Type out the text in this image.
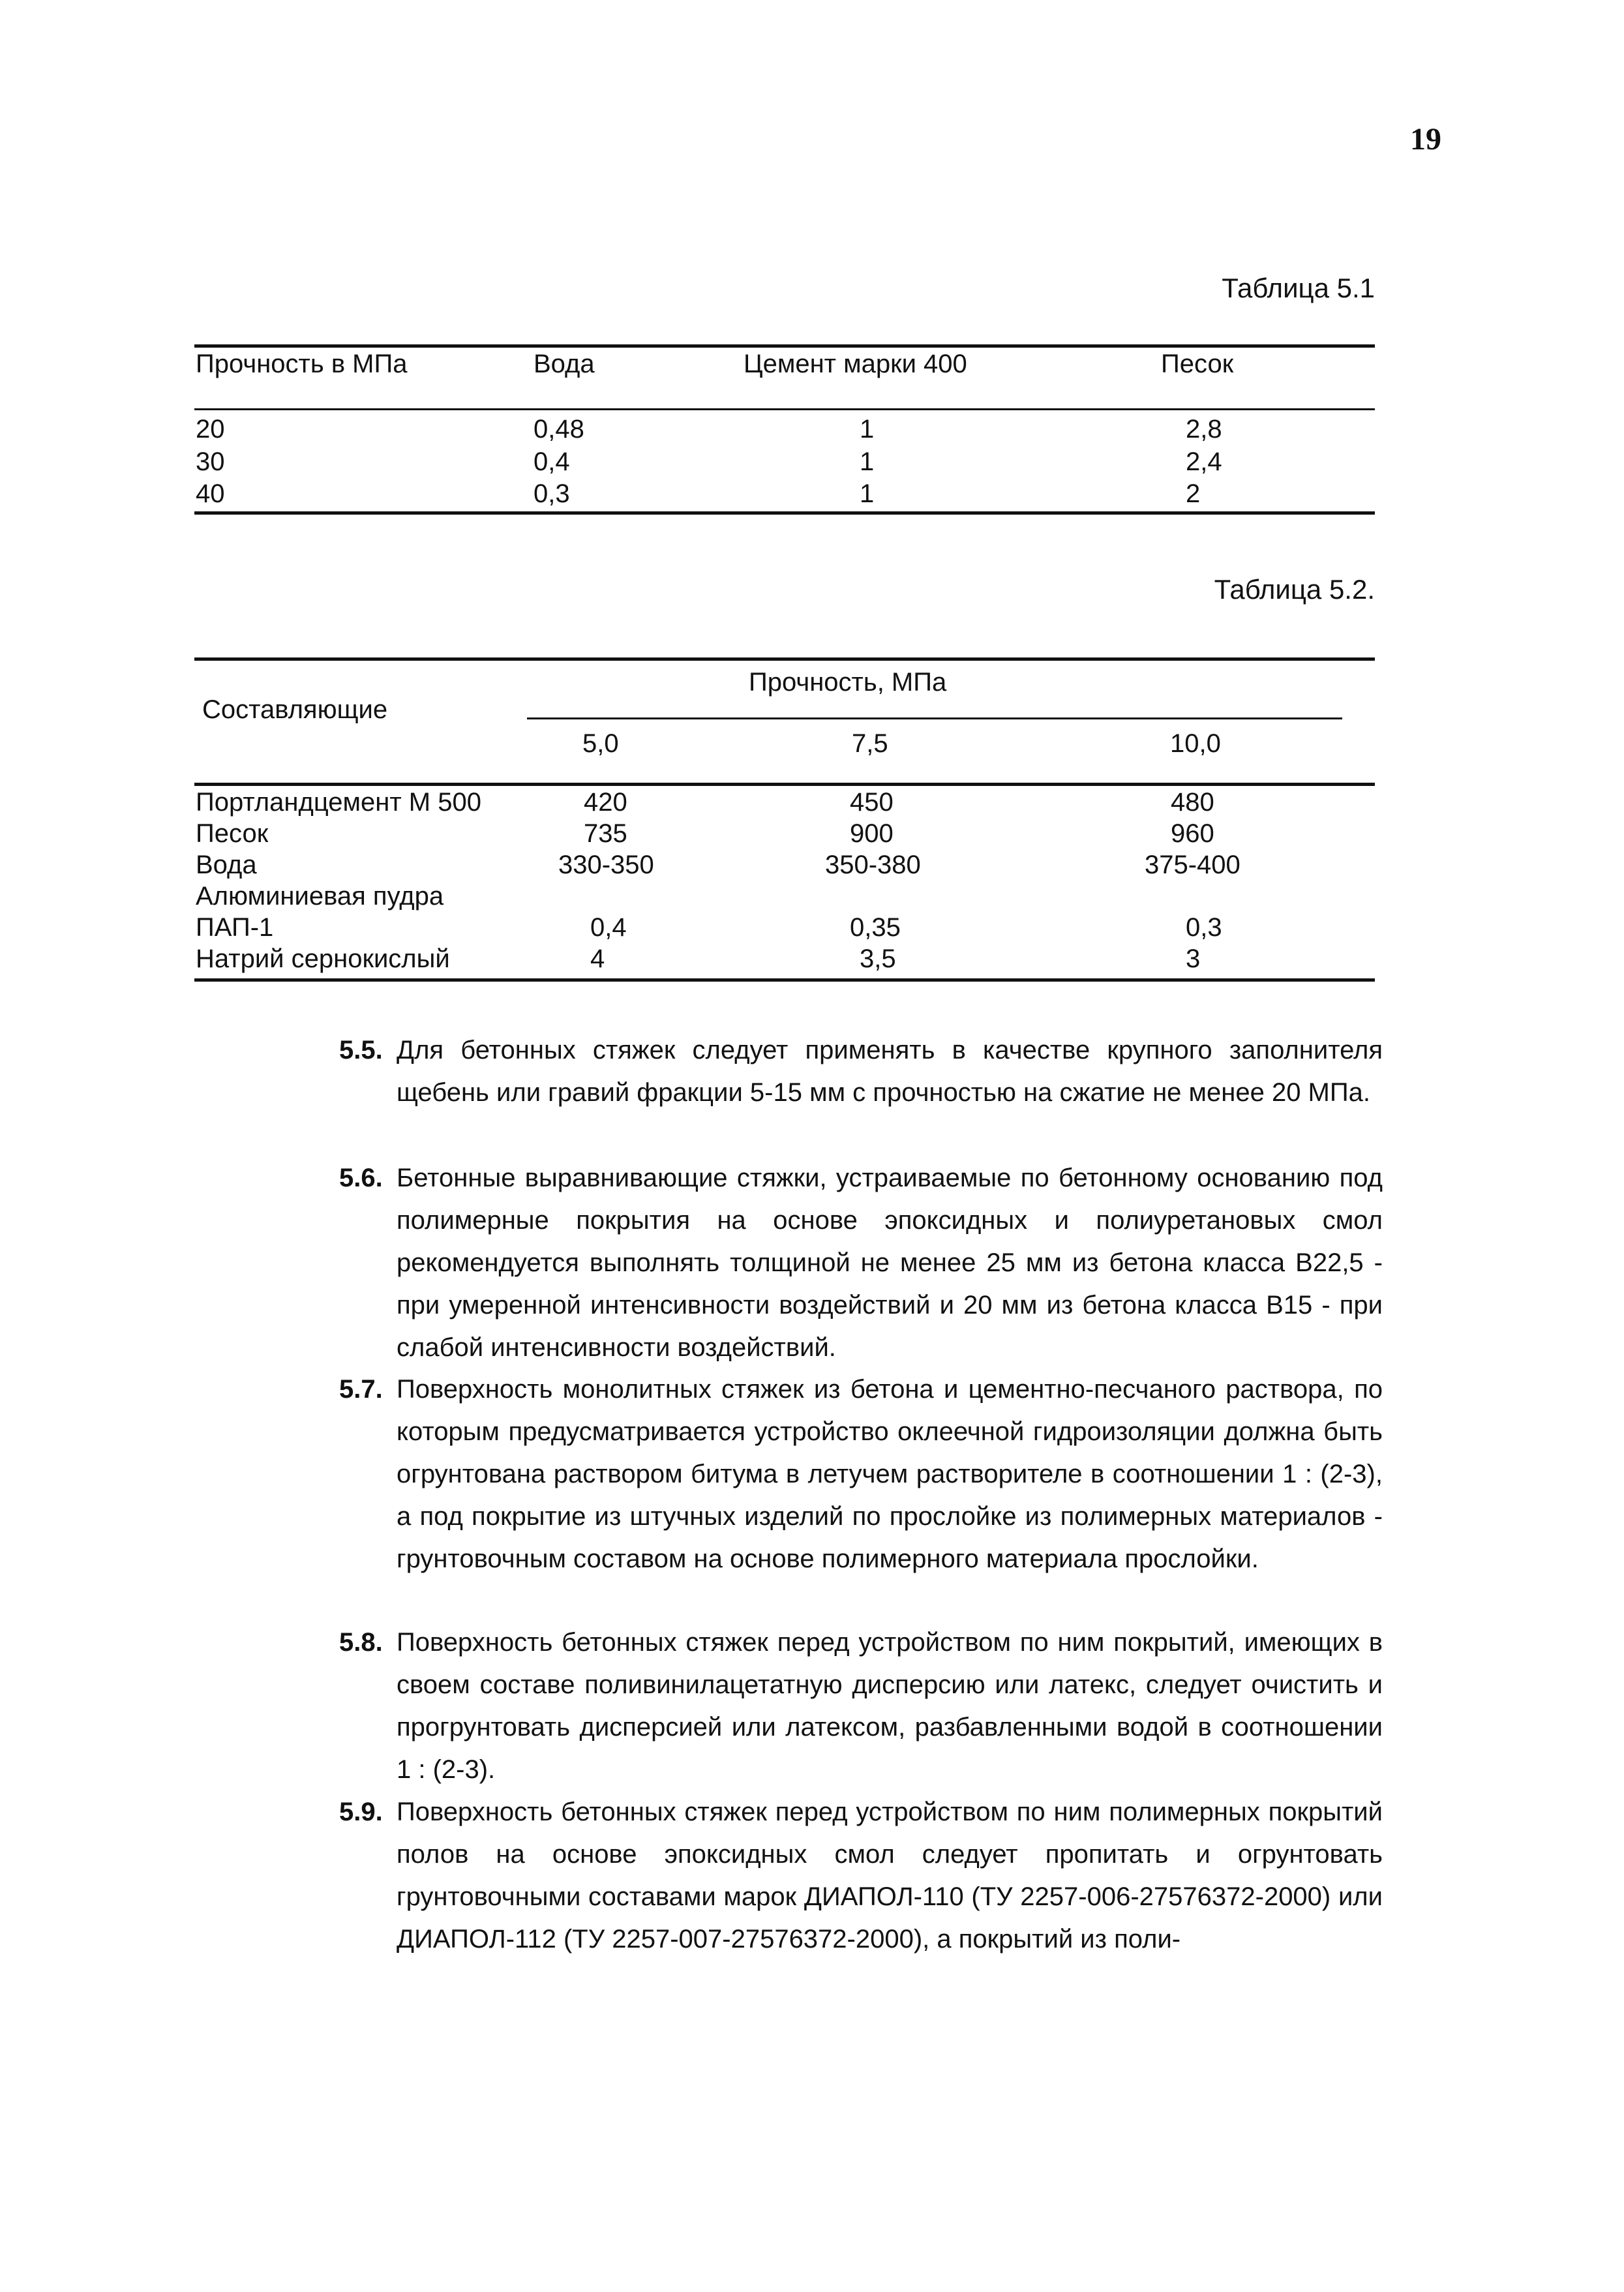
19
Таблица 5.1
Прочность в МПа	Вода	Цемент марки 400	Песок
20	0,48	1	2,8
30	0,4	1	2,4
40	0,3	1	2
Таблица 5.2.
Прочность, МПа
Составляющие
5,0	7,5	10,0
Портландцемент М 500	420	450	480
Песок	735	900	960
Вода	330-350	350-380	375-400
Алюминиевая пудра
ПАП-1	0,4	0,35	0,3
Натрий сернокислый	4	3,5	3
5.5. Для бетонных стяжек следует применять в качестве крупного заполнителя щебень или гравий фракции 5-15 мм с прочностью на сжатие не менее 20 МПа.
5.6. Бетонные выравнивающие стяжки, устраиваемые по бетонному основанию под полимерные покрытия на основе эпоксидных и полиуретановых смол рекомендуется выполнять толщиной не менее 25 мм из бетона класса В22,5 - при умеренной интенсивности воздействий и 20 мм из бетона класса В15 - при слабой интенсивности воздействий.
5.7. Поверхность монолитных стяжек из бетона и цементно-песчаного раствора, по которым предусматривается устройство оклеечной гидроизоляции должна быть огрунтована раствором битума в летучем растворителе в соотношении 1 : (2-3), а под покрытие из штучных изделий по прослойке из полимерных материалов - грунтовочным составом на основе полимерного материала прослойки.
5.8. Поверхность бетонных стяжек перед устройством по ним покрытий, имеющих в своем составе поливинилацетатную дисперсию или латекс, следует очистить и прогрунтовать дисперсией или латексом, разбавленными водой в соотношении 1 : (2-3).
5.9. Поверхность бетонных стяжек перед устройством по ним полимерных покрытий полов на основе эпоксидных смол следует пропитать и огрунтовать грунтовочными составами марок ДИАПОЛ-110 (ТУ 2257-006-27576372-2000) или ДИАПОЛ-112 (ТУ 2257-007-27576372-2000), а покрытий из поли-
